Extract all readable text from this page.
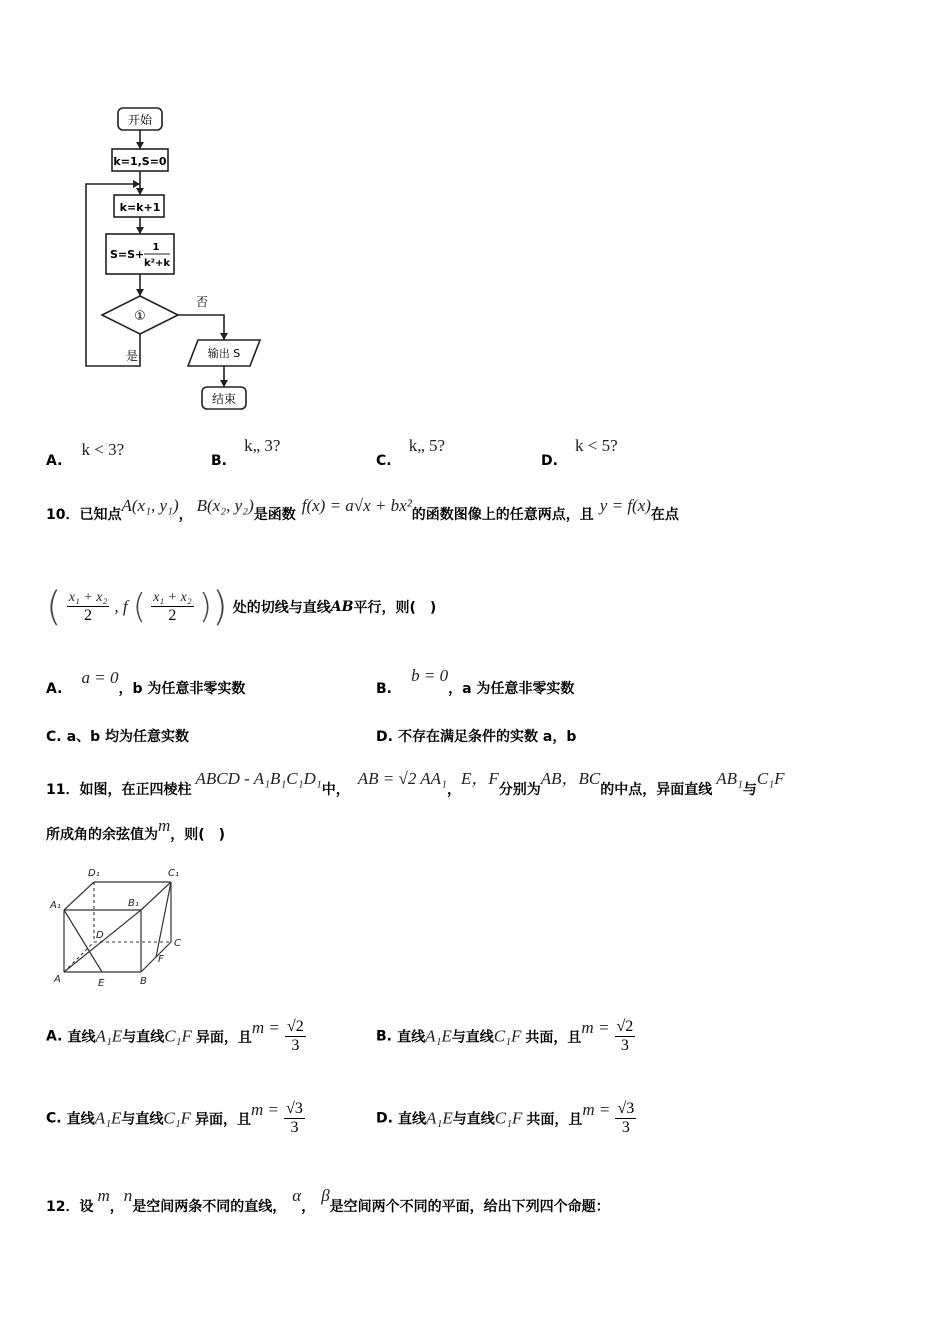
开始
k=1,S=0
k=k+1
S=S+
1
k²+k
①
否
是	输出 S
结束
A. k < 3?
B. k„ 3?
C. k„ 5?
D. k < 5?
10．已知点A(x₁, y₁)， B(x₂, y₂)是函数 f(x) = a√x + bx²的函数图像上的任意两点，且 y = f(x)在点
( $\frac{\text{x₁ + x₂}}{2}$ , f ( $\frac{\text{x₁ + x₂}}{2}$ )) 处的切线与直线AB平行，则(　)
A. a = 0，b 为任意非零实数	B. b = 0，a 为任意非零实数
C. a、b 均为任意实数	D. 不存在满足条件的实数 a，b
11．如图，在正四棱柱ABCD - A₁B₁C₁D₁中，AB = √2 AA₁，E，F分别为AB，BC的中点，异面直线AB₁与C₁F
所成角的余弦值为m，则(　)
D₁	C₁
A₁	B₁
D
C
F
A	E	B
A. 直线A₁E与直线C₁F 异面，且$m = \frac{√2}{3}$	B. 直线A₁E与直线C₁F 共面，且$m = \frac{√2}{3}$
C. 直线A₁E与直线C₁F 异面，且$m = \frac{√3}{3}$	D. 直线A₁E与直线C₁F 共面，且$m = \frac{√3}{3}$
12．设m，n是空间两条不同的直线，α，β是空间两个不同的平面，给出下列四个命题：
